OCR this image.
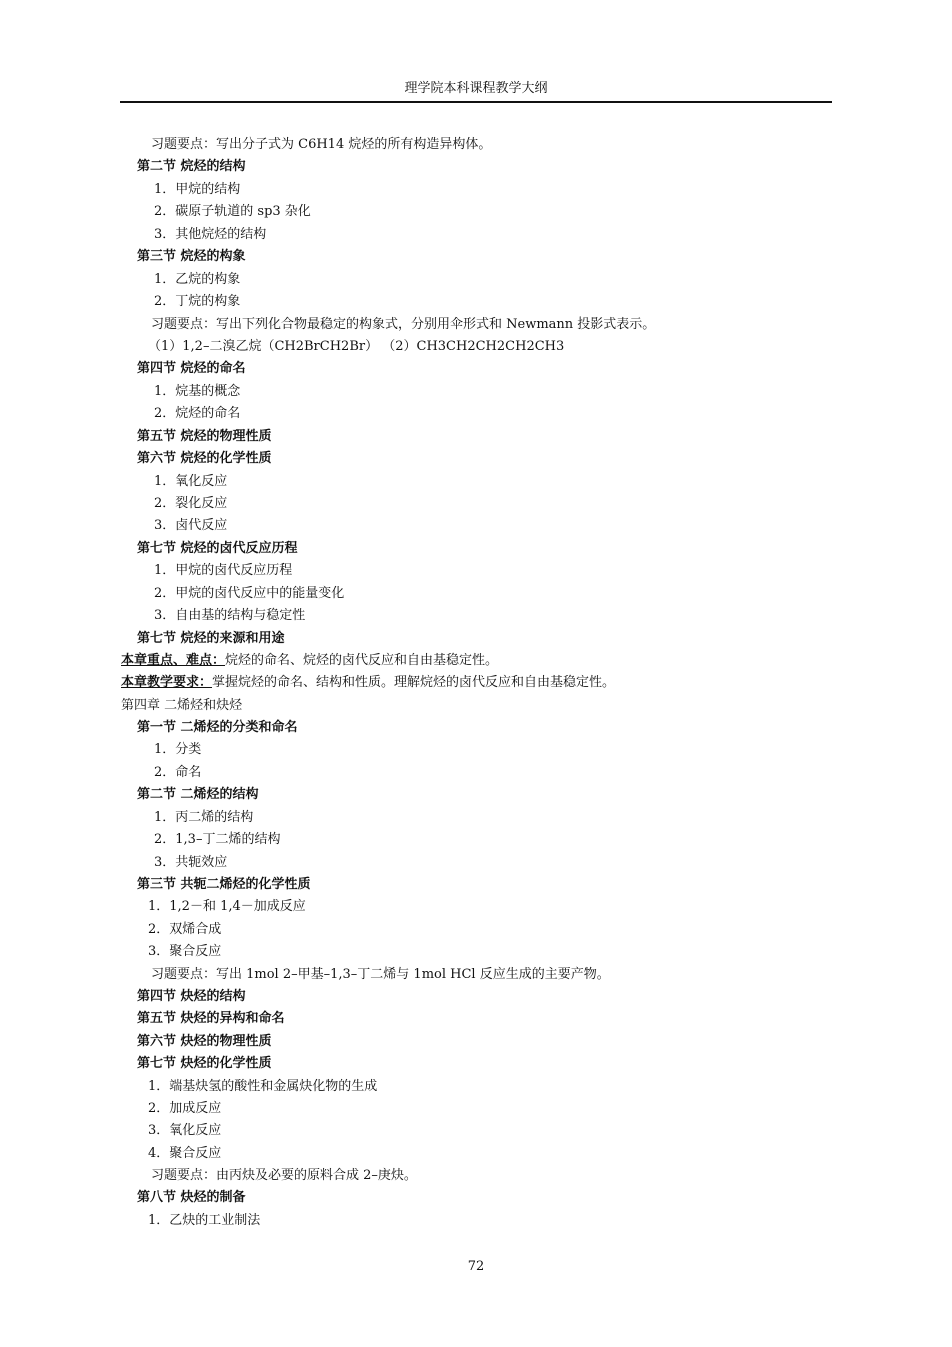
理学院本科课程教学大纲
习题要点：写出分子式为 C6H14 烷烃的所有构造异构体。
第二节 烷烃的结构
1．甲烷的结构
2．碳原子轨道的 sp3 杂化
3．其他烷烃的结构
第三节 烷烃的构象
1．乙烷的构象
2．丁烷的构象
习题要点：写出下列化合物最稳定的构象式，分别用伞形式和 Newmann 投影式表示。
（1）1,2–二溴乙烷（CH2BrCH2Br） （2）CH3CH2CH2CH2CH3
第四节 烷烃的命名
1．烷基的概念
2．烷烃的命名
第五节 烷烃的物理性质
第六节 烷烃的化学性质
1．氧化反应
2．裂化反应
3．卤代反应
第七节 烷烃的卤代反应历程
1．甲烷的卤代反应历程
2．甲烷的卤代反应中的能量变化
3．自由基的结构与稳定性
第七节 烷烃的来源和用途
本章重点、难点：烷烃的命名、烷烃的卤代反应和自由基稳定性。
本章教学要求：掌握烷烃的命名、结构和性质。理解烷烃的卤代反应和自由基稳定性。
第四章 二烯烃和炔烃
第一节 二烯烃的分类和命名
1．分类
2．命名
第二节 二烯烃的结构
1．丙二烯的结构
2．1,3–丁二烯的结构
3．共轭效应
第三节 共轭二烯烃的化学性质
1．1,2－和 1,4－加成反应
2．双烯合成
3．聚合反应
习题要点：写出 1mol 2–甲基–1,3–丁二烯与 1mol HCl 反应生成的主要产物。
第四节 炔烃的结构
第五节 炔烃的异构和命名
第六节 炔烃的物理性质
第七节 炔烃的化学性质
1．端基炔氢的酸性和金属炔化物的生成
2．加成反应
3．氧化反应
4．聚合反应
习题要点：由丙炔及必要的原料合成 2–庚炔。
第八节 炔烃的制备
1．乙炔的工业制法
72
